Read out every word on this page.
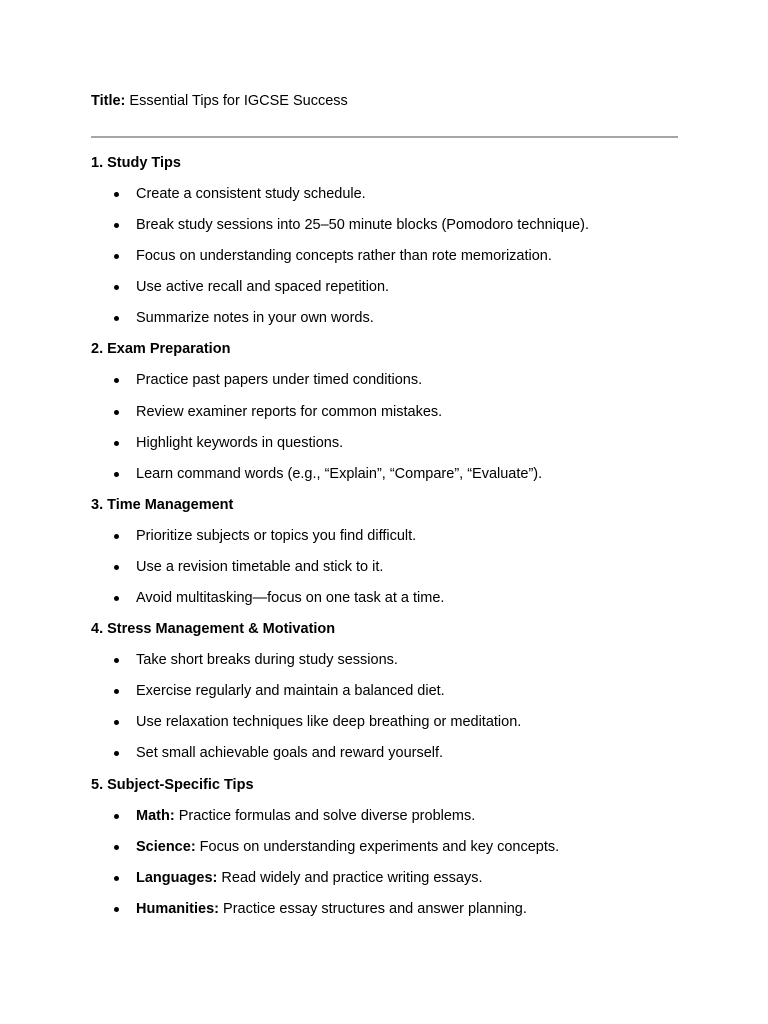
Title: Essential Tips for IGCSE Success
1. Study Tips
Create a consistent study schedule.
Break study sessions into 25–50 minute blocks (Pomodoro technique).
Focus on understanding concepts rather than rote memorization.
Use active recall and spaced repetition.
Summarize notes in your own words.
2. Exam Preparation
Practice past papers under timed conditions.
Review examiner reports for common mistakes.
Highlight keywords in questions.
Learn command words (e.g., “Explain”, “Compare”, “Evaluate”).
3. Time Management
Prioritize subjects or topics you find difficult.
Use a revision timetable and stick to it.
Avoid multitasking—focus on one task at a time.
4. Stress Management & Motivation
Take short breaks during study sessions.
Exercise regularly and maintain a balanced diet.
Use relaxation techniques like deep breathing or meditation.
Set small achievable goals and reward yourself.
5. Subject-Specific Tips
Math: Practice formulas and solve diverse problems.
Science: Focus on understanding experiments and key concepts.
Languages: Read widely and practice writing essays.
Humanities: Practice essay structures and answer planning.
